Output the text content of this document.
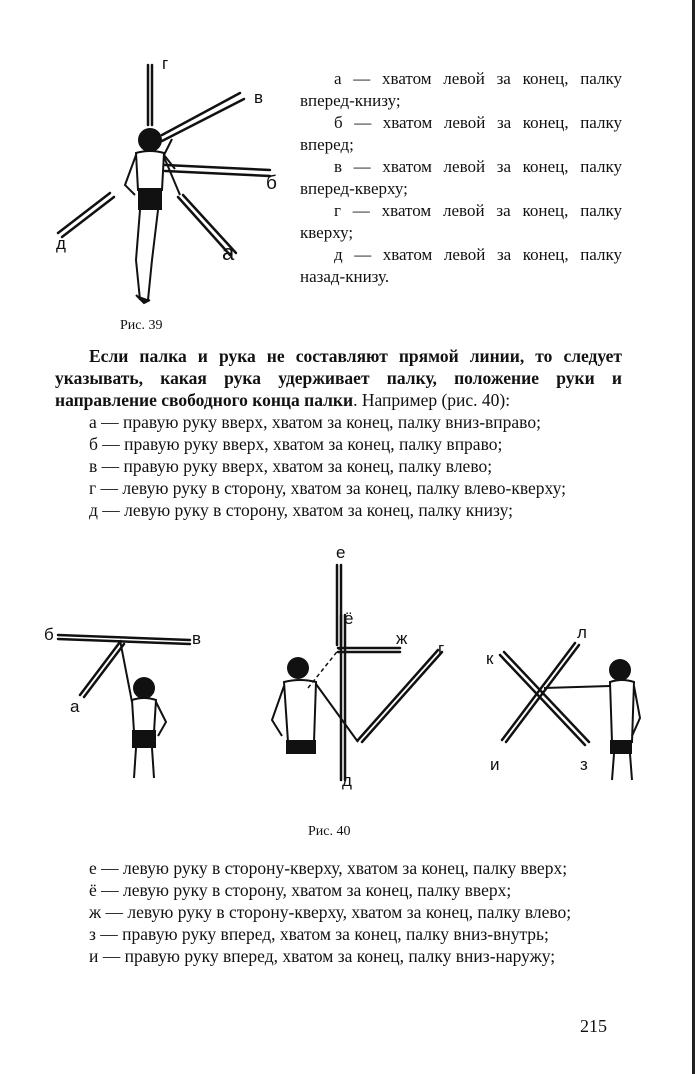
г
в
б
а
д
Рис. 39

а — хватом левой за конец, палку вперед-книзу;

б — хватом левой за конец, палку вперед;

в — хватом левой за конец, палку вперед-кверху;

г — хватом левой за конец, палку кверху;

д — хватом левой за конец, палку назад-книзу.

Если палка и рука не составляют прямой линии, то следует указывать, какая рука удерживает палку, положение руки и направление свободного конца палки. Например (рис. 40):

а — правую руку вверх, хватом за конец, палку вниз-вправо;

б — правую руку вверх, хватом за конец, палку вправо;

в — правую руку вверх, хватом за конец, палку влево;

г — левую руку в сторону, хватом за конец, палку влево-кверху;

д — левую руку в сторону, хватом за конец, палку книзу;

б	в
а
е
ё
ж
г
д
к
л
и	з
Рис. 40

е — левую руку в сторону-кверху, хватом за конец, палку вверх;

ё — левую руку в сторону, хватом за конец, палку вверх;

ж — левую руку в сторону-кверху, хватом за конец, палку влево;

з — правую руку вперед, хватом за конец, палку вниз-внутрь;

и — правую руку вперед, хватом за конец, палку вниз-наружу;

215
